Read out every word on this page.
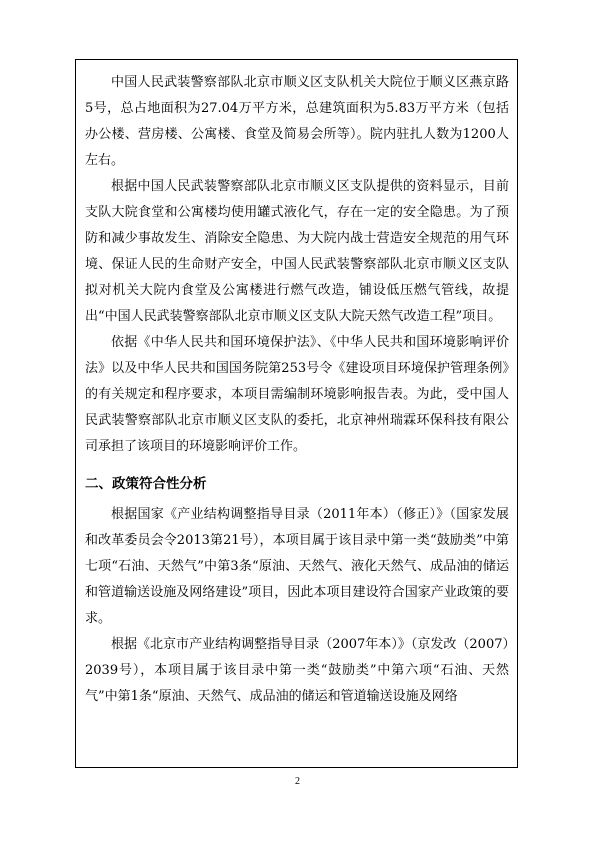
中国人民武装警察部队北京市顺义区支队机关大院位于顺义区燕京路5号，总占地面积为27.04万平方米，总建筑面积为5.83万平方米（包括办公楼、营房楼、公寓楼、食堂及简易会所等）。院内驻扎人数为1200人左右。

根据中国人民武装警察部队北京市顺义区支队提供的资料显示，目前支队大院食堂和公寓楼均使用罐式液化气，存在一定的安全隐患。为了预防和减少事故发生、消除安全隐患、为大院内战士营造安全规范的用气环境、保证人民的生命财产安全，中国人民武装警察部队北京市顺义区支队拟对机关大院内食堂及公寓楼进行燃气改造，铺设低压燃气管线，故提出“中国人民武装警察部队北京市顺义区支队大院天然气改造工程”项目。

依据《中华人民共和国环境保护法》、《中华人民共和国环境影响评价法》以及中华人民共和国国务院第253号令《建设项目环境保护管理条例》的有关规定和程序要求，本项目需编制环境影响报告表。为此，受中国人民武装警察部队北京市顺义区支队的委托，北京神州瑞霖环保科技有限公司承担了该项目的环境影响评价工作。

二、政策符合性分析

根据国家《产业结构调整指导目录（2011年本）（修正）》（国家发展和改革委员会令2013第21号），本项目属于该目录中第一类“鼓励类”中第七项“石油、天然气”中第3条“原油、天然气、液化天然气、成品油的储运和管道输送设施及网络建设”项目，因此本项目建设符合国家产业政策的要求。

根据《北京市产业结构调整指导目录（2007年本）》（京发改（2007）2039号），本项目属于该目录中第一类“鼓励类”中第六项“石油、天然气”中第1条“原油、天然气、成品油的储运和管道输送设施及网络

2
